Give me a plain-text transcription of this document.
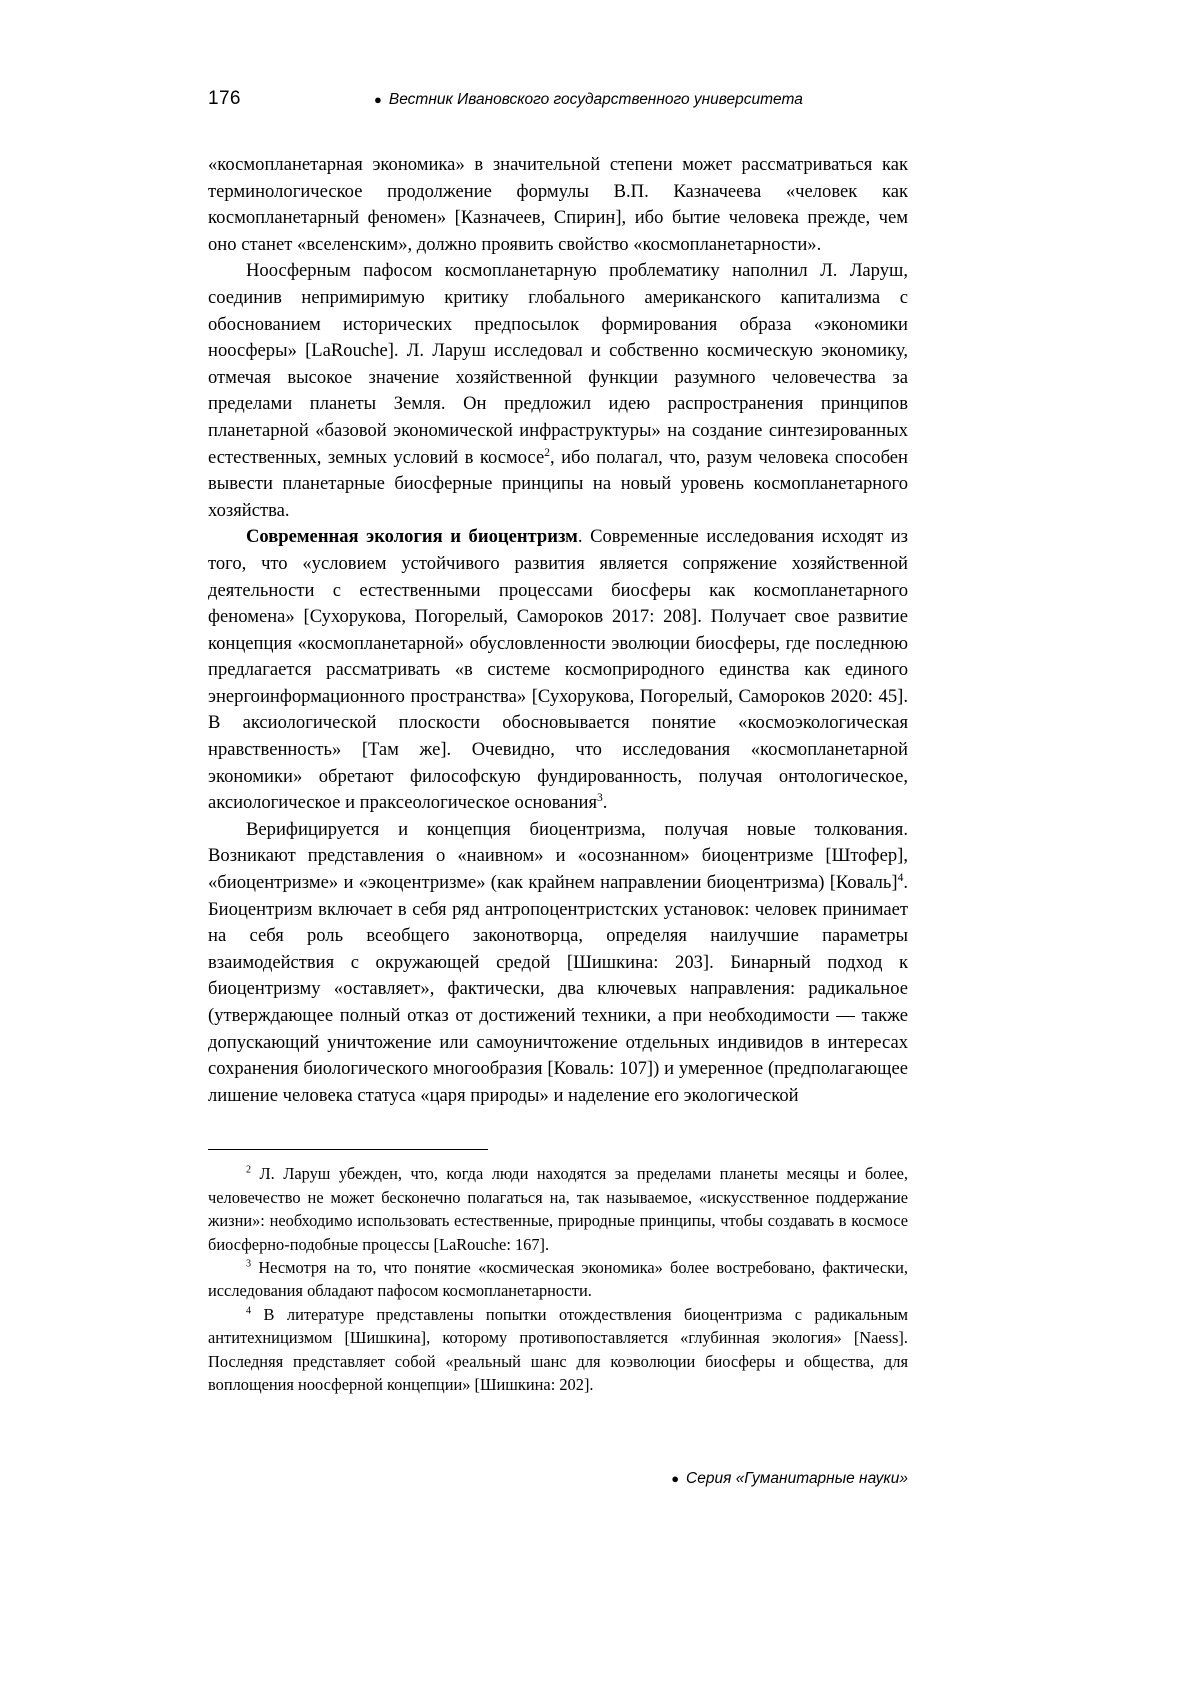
176	● Вестник Ивановского государственного университета

«космопланетарная экономика» в значительной степени может рассматриваться как терминологическое продолжение формулы В.П. Казначеева «человек как космопланетарный феномен» [Казначеев, Спирин], ибо бытие человека прежде, чем оно станет «вселенским», должно проявить свойство «космопланетарности».

Ноосферным пафосом космопланетарную проблематику наполнил Л. Ларуш, соединив непримиримую критику глобального американского капитализма с обоснованием исторических предпосылок формирования образа «экономики ноосферы» [LaRouche]. Л. Ларуш исследовал и собственно космическую экономику, отмечая высокое значение хозяйственной функции разумного человечества за пределами планеты Земля. Он предложил идею распространения принципов планетарной «базовой экономической инфраструктуры» на создание синтезированных естественных, земных условий в космосе$^2$, ибо полагал, что, разум человека способен вывести планетарные биосферные принципы на новый уровень космопланетарного хозяйства.

Современная экология и биоцентризм. Современные исследования исходят из того, что «условием устойчивого развития является сопряжение хозяйственной деятельности с естественными процессами биосферы как космопланетарного феномена» [Сухорукова, Погорелый, Самороков 2017: 208]. Получает свое развитие концепция «космопланетарной» обусловленности эволюции биосферы, где последнюю предлагается рассматривать «в системе космоприродного единства как единого энергоинформационного пространства» [Сухорукова, Погорелый, Самороков 2020: 45]. В аксиологической плоскости обосновывается понятие «космоэкологическая нравственность» [Там же]. Очевидно, что исследования «космопланетарной экономики» обретают философскую фундированность, получая онтологическое, аксиологическое и праксеологическое основания$^3$.

Верифицируется и концепция биоцентризма, получая новые толкования. Возникают представления о «наивном» и «осознанном» биоцентризме [Штофер], «биоцентризме» и «экоцентризме» (как крайнем направлении биоцентризма) [Коваль]$^4$. Биоцентризм включает в себя ряд антропоцентристских установок: человек принимает на себя роль всеобщего законотворца, определяя наилучшие параметры взаимодействия с окружающей средой [Шишкина: 203]. Бинарный подход к биоцентризму «оставляет», фактически, два ключевых направления: радикальное (утверждающее полный отказ от достижений техники, а при необходимости — также допускающий уничтожение или самоуничтожение отдельных индивидов в интересах сохранения биологического многообразия [Коваль: 107]) и умеренное (предполагающее лишение человека статуса «царя природы» и наделение его экологической

$^2$ Л. Ларуш убежден, что, когда люди находятся за пределами планеты месяцы и более, человечество не может бесконечно полагаться на, так называемое, «искусственное поддержание жизни»: необходимо использовать естественные, природные принципы, чтобы создавать в космосе биосферно-подобные процессы [LaRouche: 167].

$^3$ Несмотря на то, что понятие «космическая экономика» более востребовано, фактически, исследования обладают пафосом космопланетарности.

$^4$ В литературе представлены попытки отождествления биоцентризма с радикальным антитехницизмом [Шишкина], которому противопоставляется «глубинная экология» [Naess]. Последняя представляет собой «реальный шанс для коэволюции биосферы и общества, для воплощения ноосферной концепции» [Шишкина: 202].

● Серия «Гуманитарные науки»
